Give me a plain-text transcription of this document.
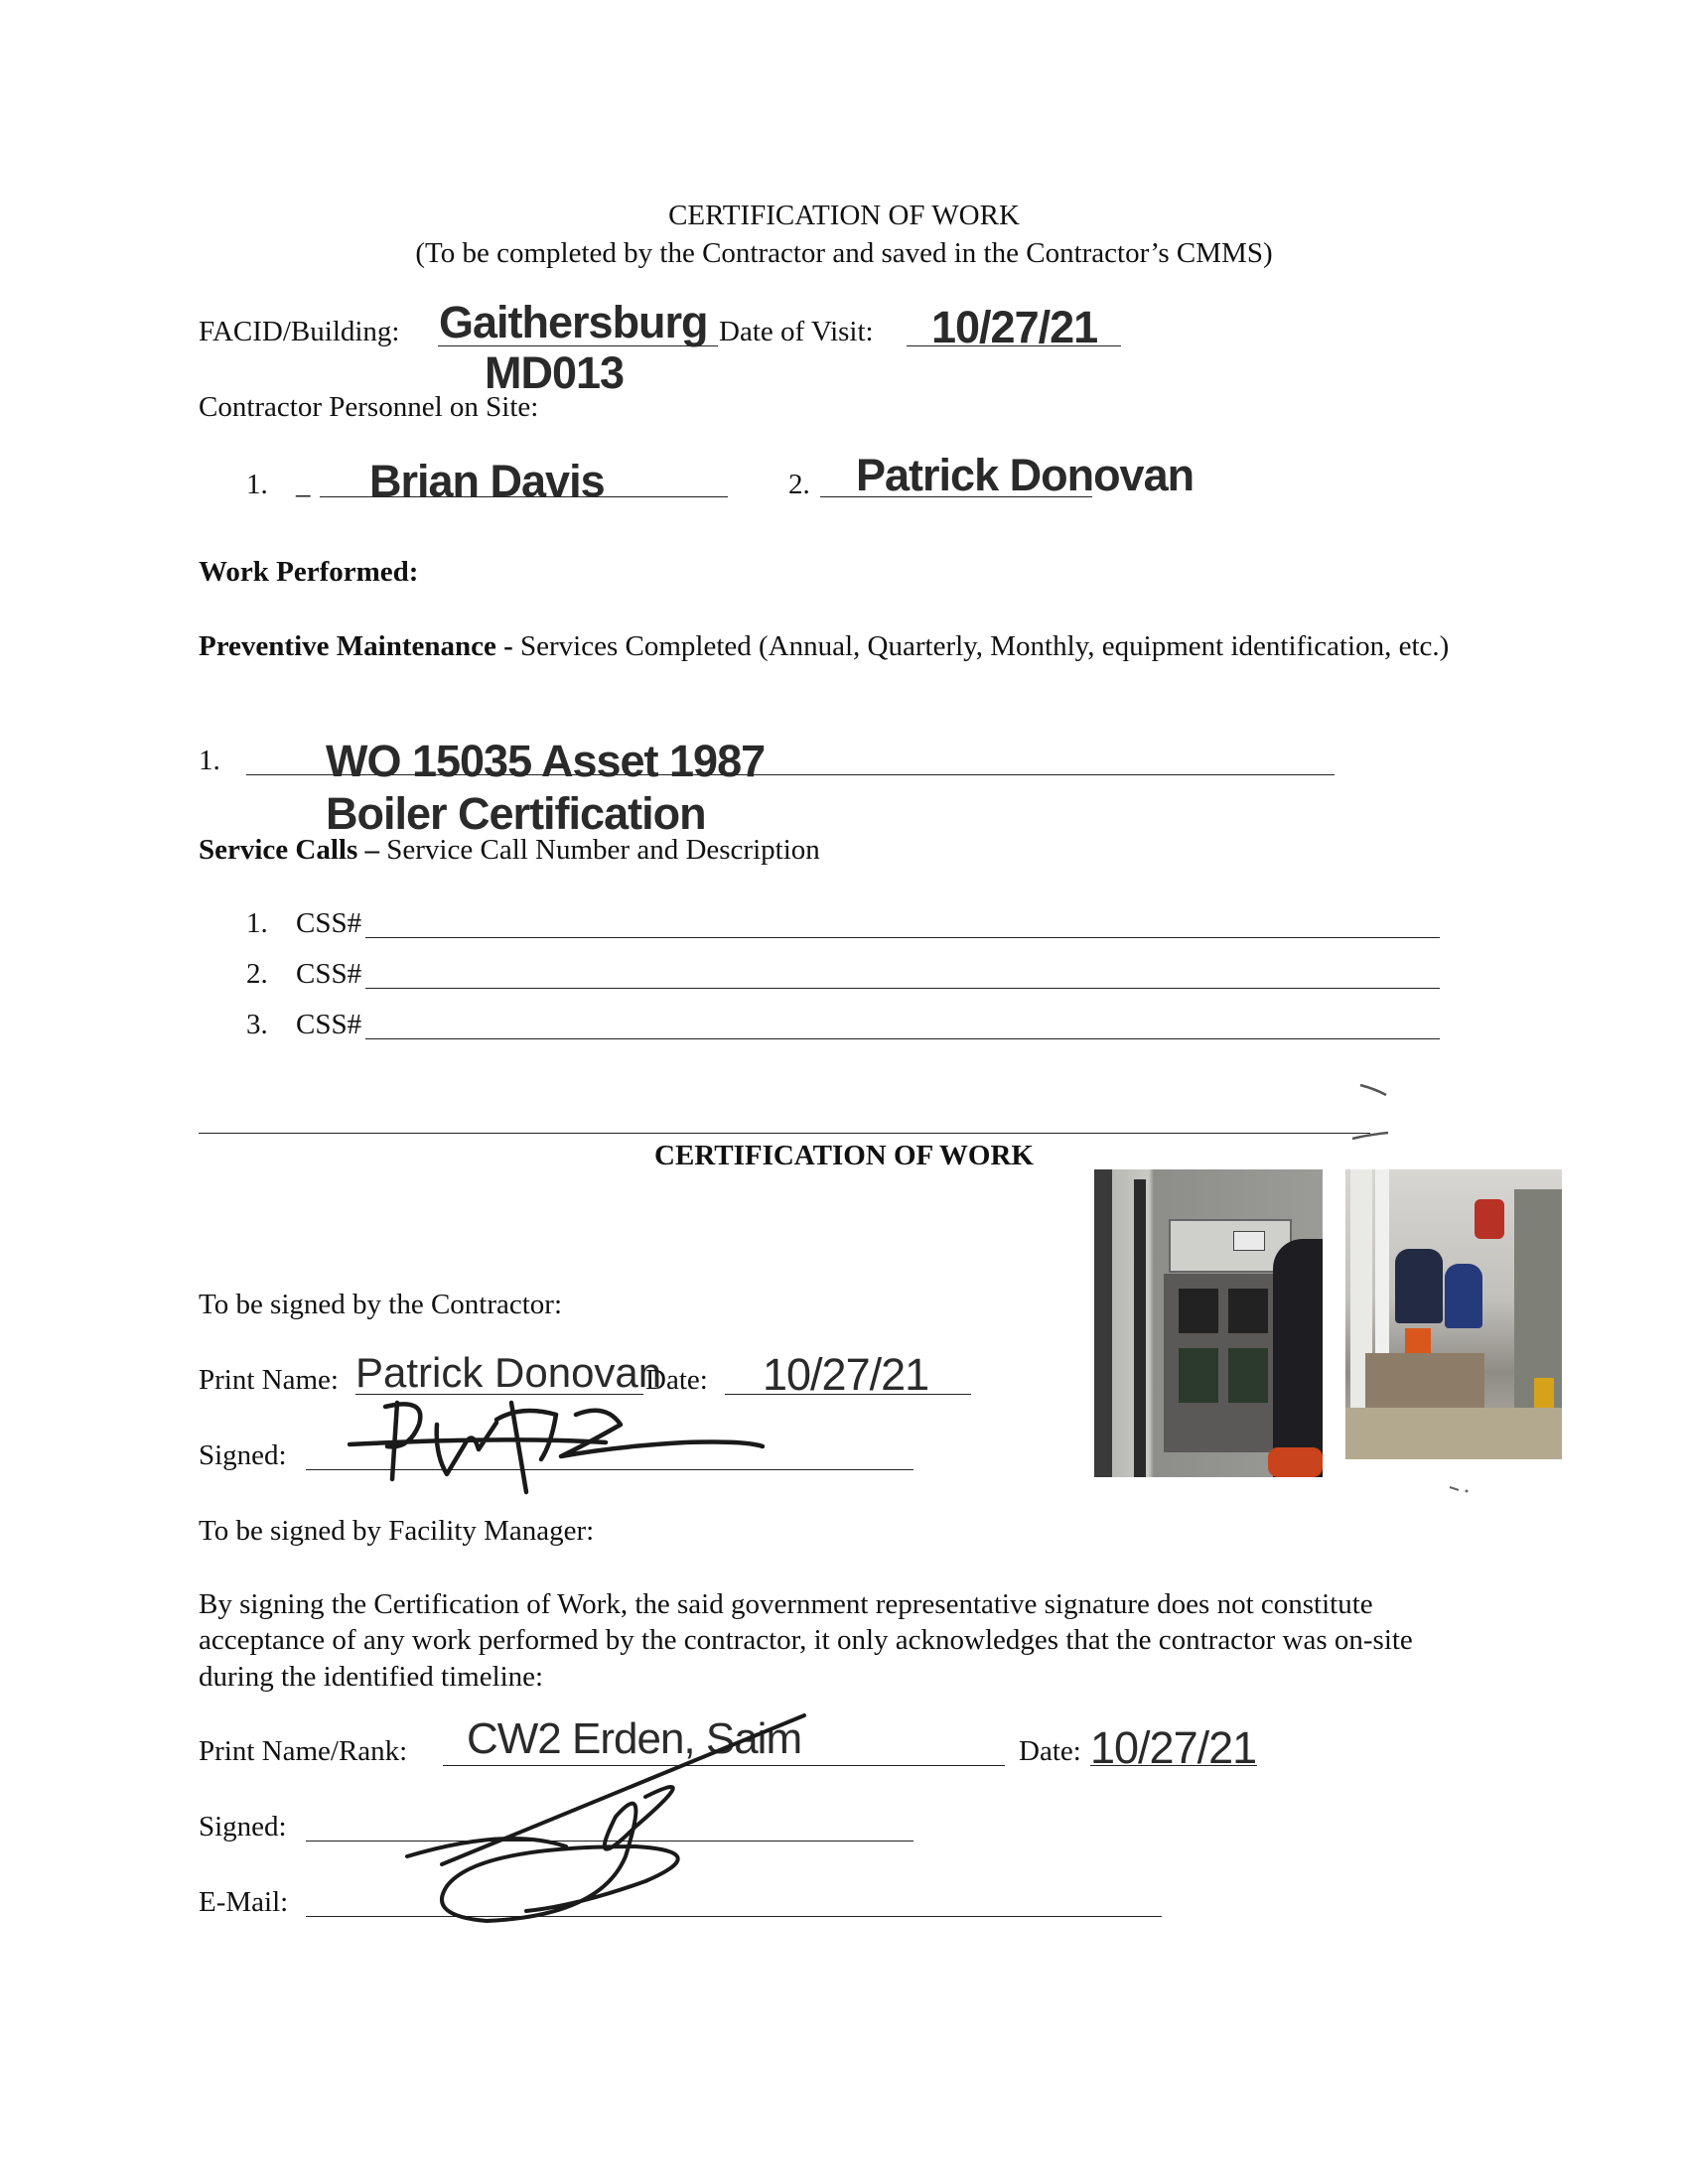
CERTIFICATION OF WORK
(To be completed by the Contractor and saved in the Contractor’s CMMS)
FACID/Building: Gaithersburg
MD013
Date of Visit: 10/27/21
Contractor Personnel on Site:
1. _ Brian Davis	2. Patrick Donovan
Work Performed:
Preventive Maintenance - Services Completed (Annual, Quarterly, Monthly, equipment identification, etc.)
1. WO 15035 Asset 1987
Boiler Certification
Service Calls – Service Call Number and Description
1. CSS#
2. CSS#
3. CSS#
CERTIFICATION OF WORK
To be signed by the Contractor:
Print Name: Patrick Donovan
Date: 10/27/21
Signed:
To be signed by Facility Manager:
By signing the Certification of Work, the said government representative signature does not constitute acceptance of any work performed by the contractor, it only acknowledges that the contractor was on-site during the identified timeline:
Print Name/Rank: CW2 Erden, Saim	Date: 10/27/21
Signed:
E-Mail:
